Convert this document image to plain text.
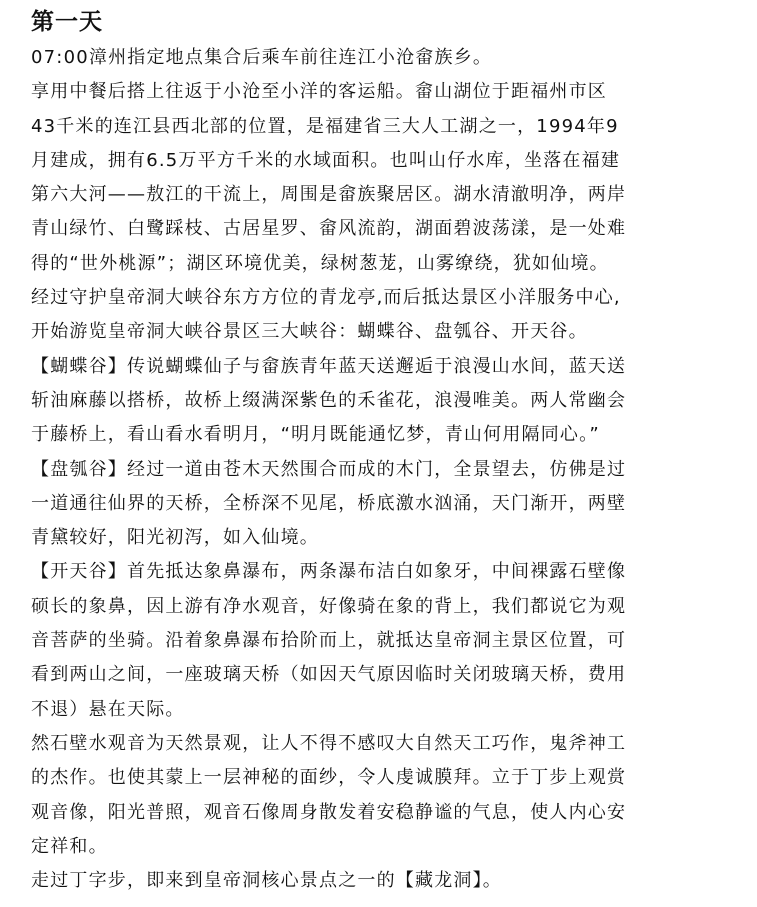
第一天

07:00漳州指定地点集合后乘车前往连江小沧畲族乡。

享用中餐后搭上往返于小沧至小洋的客运船。畲山湖位于距福州市区
43千米的连江县西北部的位置，是福建省三大人工湖之一，1994年9
月建成，拥有6.5万平方千米的水域面积。也叫山仔水库，坐落在福建
第六大河——敖江的干流上，周围是畲族聚居区。湖水清澈明净，两岸
青山绿竹、白鹭踩枝、古居星罗、畲风流韵，湖面碧波荡漾，是一处难
得的“世外桃源”；湖区环境优美，绿树葱茏，山雾缭绕，犹如仙境。
经过守护皇帝洞大峡谷东方方位的青龙亭,而后抵达景区小洋服务中心,
开始游览皇帝洞大峡谷景区三大峡谷：蝴蝶谷、盘瓠谷、开天谷。

【蝴蝶谷】传说蝴蝶仙子与畲族青年蓝天送邂逅于浪漫山水间，蓝天送
斩油麻藤以搭桥，故桥上缀满深紫色的禾雀花，浪漫唯美。两人常幽会
于藤桥上，看山看水看明月，“明月既能通忆梦，青山何用隔同心。”

【盘瓠谷】经过一道由苍木天然围合而成的木门，全景望去，仿佛是过
一道通往仙界的天桥，全桥深不见尾，桥底激水汹涌，天门渐开，两壁
青黛较好，阳光初泻，如入仙境。

【开天谷】首先抵达象鼻瀑布，两条瀑布洁白如象牙，中间裸露石壁像
硕长的象鼻，因上游有净水观音，好像骑在象的背上，我们都说它为观
音菩萨的坐骑。沿着象鼻瀑布拾阶而上，就抵达皇帝洞主景区位置，可
看到两山之间，一座玻璃天桥（如因天气原因临时关闭玻璃天桥，费用
不退）悬在天际。

然石壁水观音为天然景观，让人不得不感叹大自然天工巧作，鬼斧神工
的杰作。也使其蒙上一层神秘的面纱，令人虔诚膜拜。立于丁步上观赏
观音像，阳光普照，观音石像周身散发着安稳静谧的气息，使人内心安
定祥和。

走过丁字步，即来到皇帝洞核心景点之一的【藏龙洞】。
